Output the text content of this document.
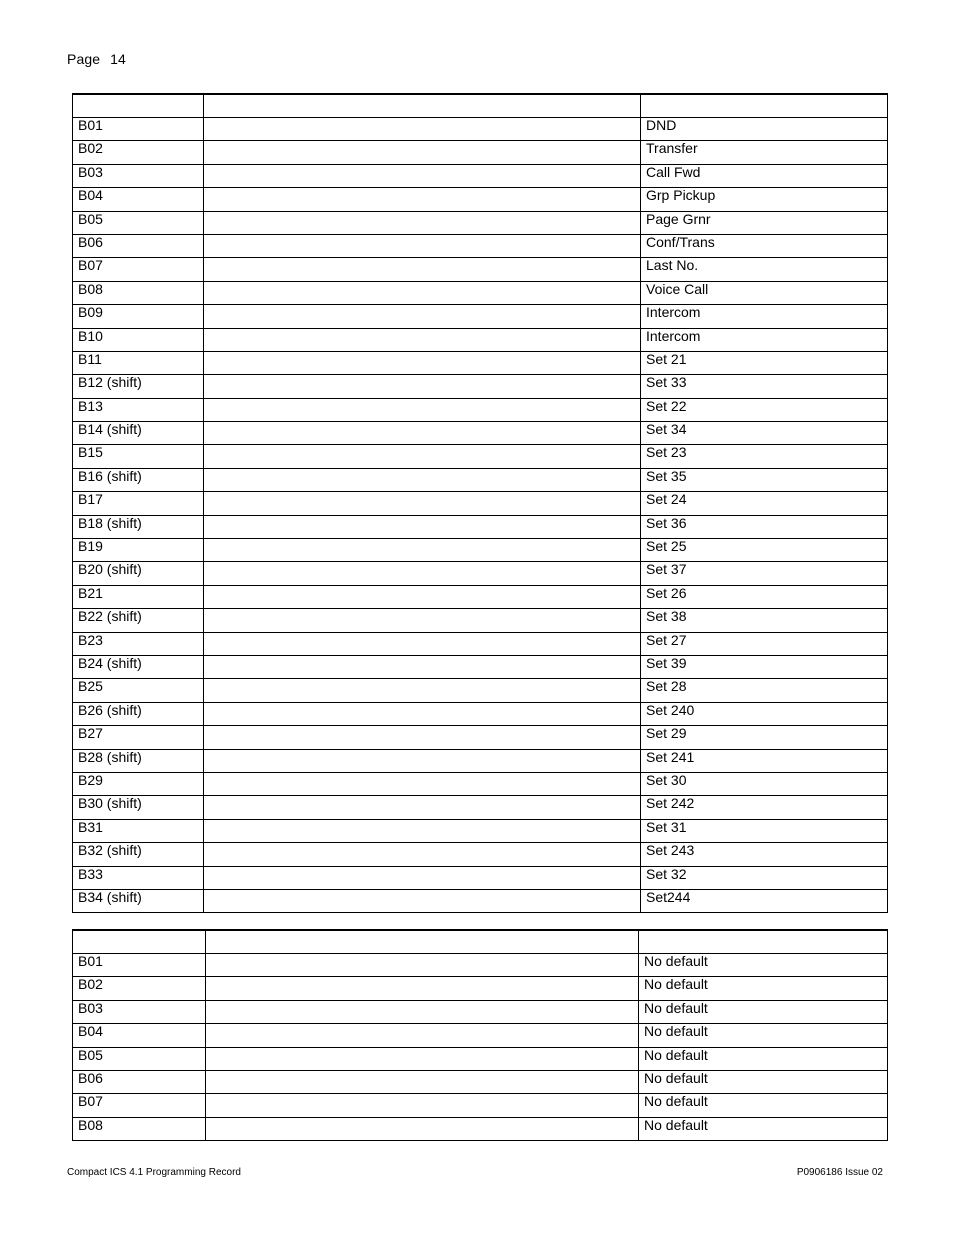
Page 14

B01		DND
B02		Transfer
B03		Call Fwd
B04		Grp Pickup
B05		Page Grnr
B06		Conf/Trans
B07		Last No.
B08		Voice Call
B09		Intercom
B10		Intercom
B11		Set 21
B12 (shift)		Set 33
B13		Set 22
B14 (shift)		Set 34
B15		Set 23
B16 (shift)		Set 35
B17		Set 24
B18 (shift)		Set 36
B19		Set 25
B20 (shift)		Set 37
B21		Set 26
B22 (shift)		Set 38
B23		Set 27
B24 (shift)		Set 39
B25		Set 28
B26 (shift)		Set 240
B27		Set 29
B28 (shift)		Set 241
B29		Set 30
B30 (shift)		Set 242
B31		Set 31
B32 (shift)		Set 243
B33		Set 32
B34 (shift)		Set244

B01		No default
B02		No default
B03		No default
B04		No default
B05		No default
B06		No default
B07		No default
B08		No default
Compact ICS 4.1 Programming Record	P0906186 Issue 02
